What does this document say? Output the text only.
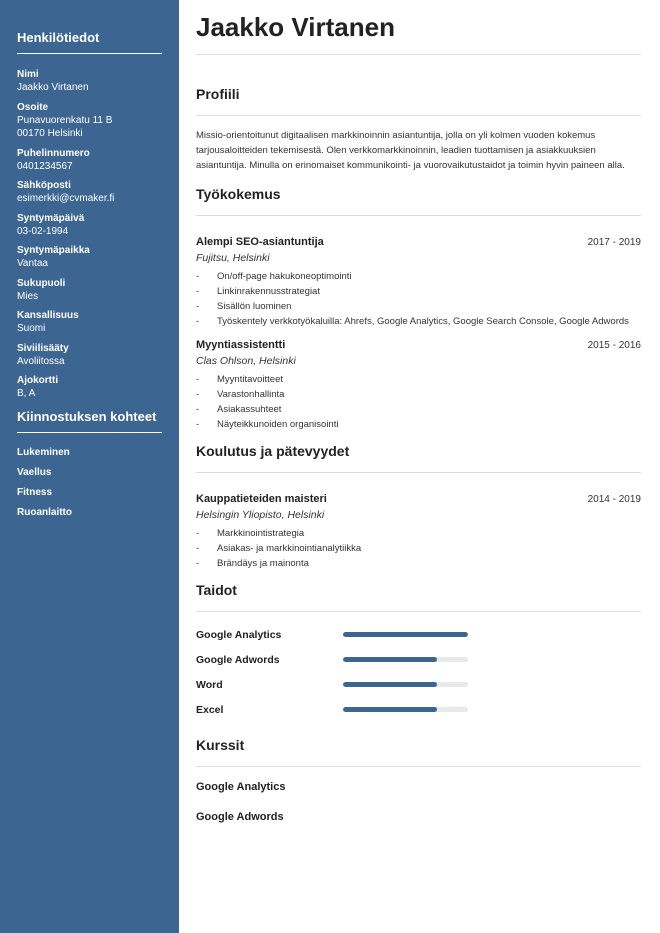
Henkilötiedot
Nimi
Jaakko Virtanen
Osoite
Punavuorenkatu 11 B
00170 Helsinki
Puhelinnumero
0401234567
Sähköposti
esimerkki@cvmaker.fi
Syntymäpäivä
03-02-1994
Syntymäpaikka
Vantaa
Sukupuoli
Mies
Kansallisuus
Suomi
Siviilisääty
Avoliitossa
Ajokortti
B, A
Kiinnostuksen kohteet
Lukeminen
Vaellus
Fitness
Ruoanlaitto
Jaakko Virtanen
Profiili

Missio-orientoitunut digitaalisen markkinoinnin asiantuntija, jolla on yli kolmen vuoden kokemus tarjousaloitteiden tekemisestä. Olen verkkomarkkinoinnin, leadien tuottamisen ja asiakkuuksien asiantuntija. Minulla on erinomaiset kommunikointi- ja vuorovaikutustaidot ja toimin hyvin paineen alla.

Työkokemus
Alempi SEO-asiantuntija	2017 - 2019
Fujitsu, Helsinki
-	On/off-page hakukoneoptimointi
-	Linkinrakennusstrategiat
-	Sisällön luominen
-	Työskentely verkkotyökaluilla: Ahrefs, Google Analytics, Google Search Console, Google Adwords
Myyntiassistentti	2015 - 2016
Clas Ohlson, Helsinki
-	Myyntitavoitteet
-	Varastonhallinta
-	Asiakassuhteet
-	Näyteikkunoiden organisointi
Koulutus ja pätevyydet
Kauppatieteiden maisteri	2014 - 2019
Helsingin Yliopisto, Helsinki
-	Markkinointistrategia
-	Asiakas- ja markkinointianalytiikka
-	Brändäys ja mainonta
Taidot
Google Analytics
Google Adwords
Word
Excel
Kurssit
Google Analytics
Google Adwords
